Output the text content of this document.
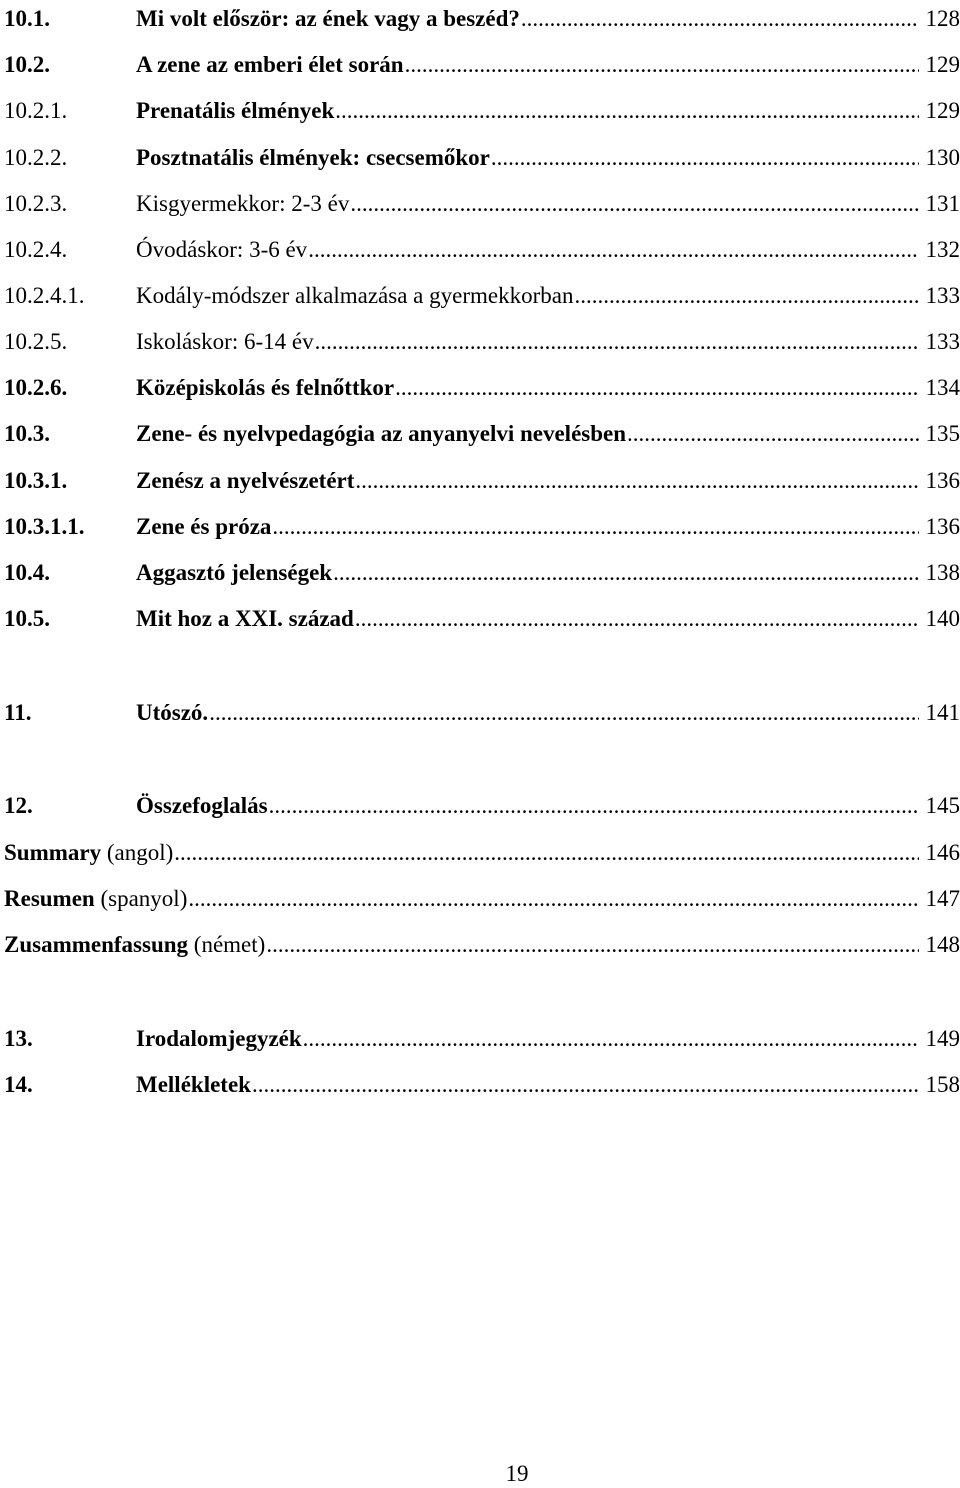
10.1.	Mi volt először: az ének vagy a beszéd? .....	128
10.2.	A zene az emberi élet során .....	129
10.2.1.	Prenatális élmények .....	129
10.2.2.	Posztnatális élmények: csecsemőkor .....	130
10.2.3.	Kisgyermekkor: 2-3 év .....	131
10.2.4.	Óvodáskor: 3-6 év .....	132
10.2.4.1.	Kodály-módszer alkalmazása a gyermekkorban .....	133
10.2.5.	Iskoláskor: 6-14 év .....	133
10.2.6.	Középiskolás és felnőttkor .....	134
10.3.	Zene- és nyelvpedagógia az anyanyelvi nevelésben .....	135
10.3.1.	Zenész a nyelvészetért .....	136
10.3.1.1.	Zene és próza .....	136
10.4.	Aggasztó jelenségek .....	138
10.5.	Mit hoz a XXI. század .....	140
11.	Utószó. .....	141
12.	Összefoglalás .....	145
Summary (angol) .....	146
Resumen (spanyol) .....	147
Zusammenfassung (német) .....	148
13.	Irodalomjegyzék .....	149
14.	Mellékletek .....	158
19
